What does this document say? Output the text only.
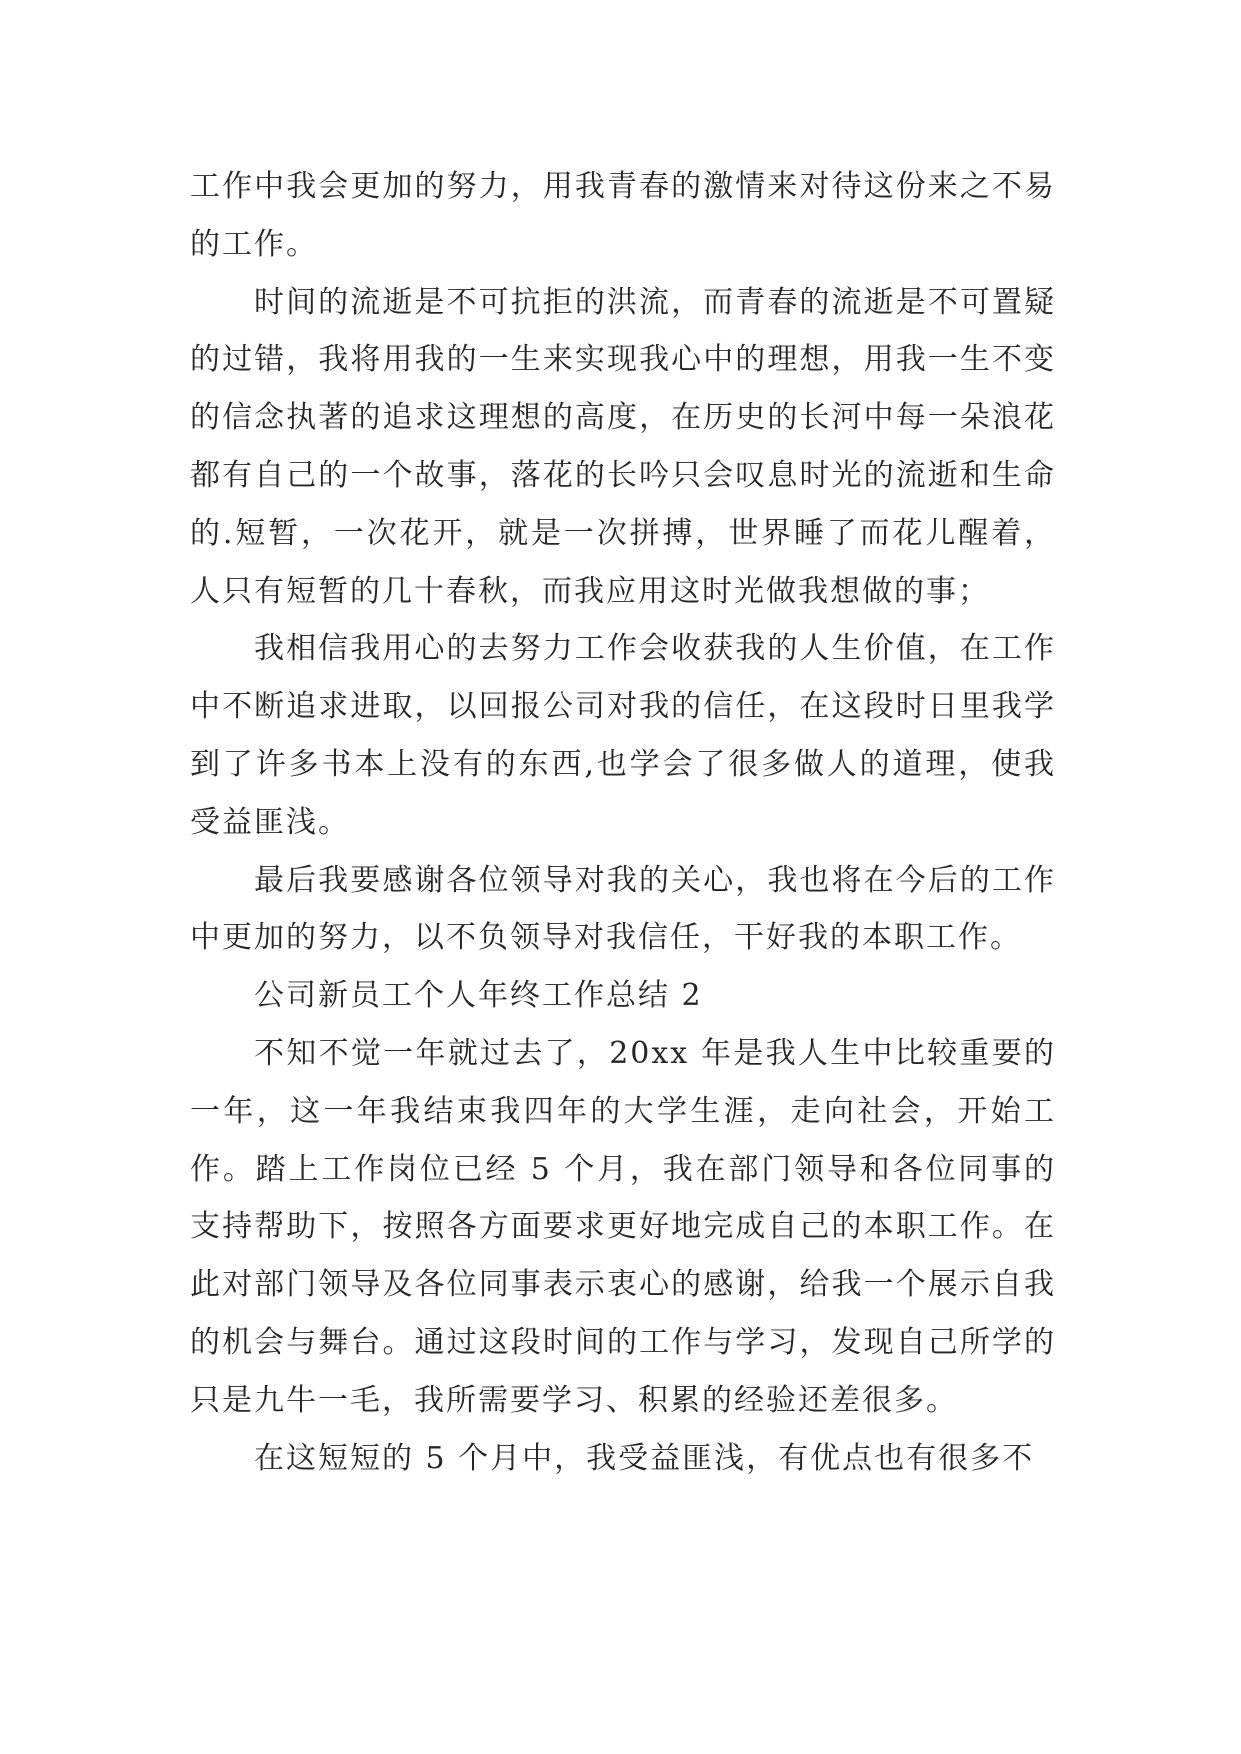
工作中我会更加的努力，用我青春的激情来对待这份来之不易的工作。

时间的流逝是不可抗拒的洪流，而青春的流逝是不可置疑的过错，我将用我的一生来实现我心中的理想，用我一生不变的信念执著的追求这理想的高度，在历史的长河中每一朵浪花都有自己的一个故事，落花的长吟只会叹息时光的流逝和生命的.短暂，一次花开，就是一次拼搏，世界睡了而花儿醒着，人只有短暂的几十春秋，而我应用这时光做我想做的事；

我相信我用心的去努力工作会收获我的人生价值，在工作中不断追求进取，以回报公司对我的信任，在这段时日里我学到了许多书本上没有的东西,也学会了很多做人的道理，使我受益匪浅。

最后我要感谢各位领导对我的关心，我也将在今后的工作中更加的努力，以不负领导对我信任，干好我的本职工作。

公司新员工个人年终工作总结 2

不知不觉一年就过去了，20xx 年是我人生中比较重要的一年，这一年我结束我四年的大学生涯，走向社会，开始工作。踏上工作岗位已经 5 个月，我在部门领导和各位同事的支持帮助下，按照各方面要求更好地完成自己的本职工作。在此对部门领导及各位同事表示衷心的感谢，给我一个展示自我的机会与舞台。通过这段时间的工作与学习，发现自己所学的只是九牛一毛，我所需要学习、积累的经验还差很多。

在这短短的 5 个月中，我受益匪浅，有优点也有很多不
